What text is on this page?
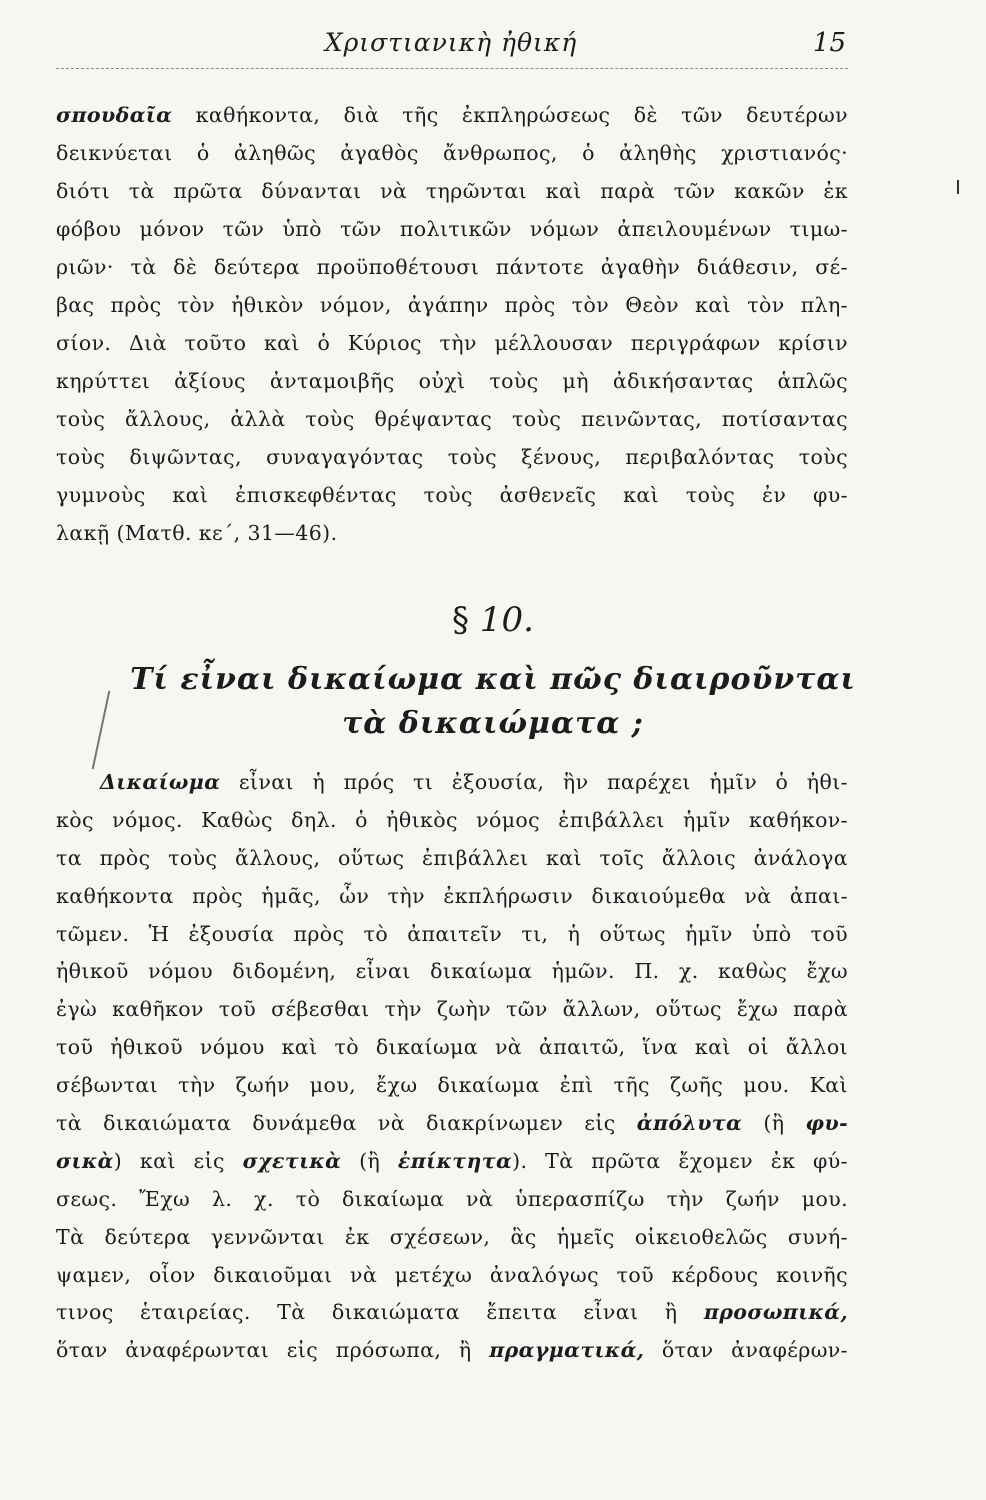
Χριστιανικὴ ἠθική	15
σπουδαῖα καθήκοντα, διὰ τῆς ἐκπληρώσεως δὲ τῶν δευτέρων
δεικνύεται ὁ ἀληθῶς ἀγαθὸς ἄνθρωπος, ὁ ἀληθὴς χριστιανός·
διότι τὰ πρῶτα δύνανται νὰ τηρῶνται καὶ παρὰ τῶν κακῶν ἐκ
φόβου μόνον τῶν ὑπὸ τῶν πολιτικῶν νόμων ἀπειλουμένων τιμω-
ριῶν· τὰ δὲ δεύτερα προϋποθέτουσι πάντοτε ἀγαθὴν διάθεσιν, σέ-
βας πρὸς τὸν ἠθικὸν νόμον, ἀγάπην πρὸς τὸν Θεὸν καὶ τὸν πλη-
σίον. Διὰ τοῦτο καὶ ὁ Κύριος τὴν μέλλουσαν περιγράφων κρίσιν
κηρύττει ἀξίους ἀνταμοιβῆς οὐχὶ τοὺς μὴ ἀδικήσαντας ἁπλῶς
τοὺς ἄλλους, ἀλλὰ τοὺς θρέψαντας τοὺς πεινῶντας, ποτίσαντας
τοὺς διψῶντας, συναγαγόντας τοὺς ξένους, περιβαλόντας τοὺς
γυμνοὺς καὶ ἐπισκεφθέντας τοὺς ἀσθενεῖς καὶ τοὺς ἐν φυ-
λακῇ (Ματθ. κε΄, 31—46).
§ 10.
Τί εἶναι δικαίωμα καὶ πῶς διαιροῦνται
τὰ δικαιώματα ;
Δικαίωμα εἶναι ἡ πρός τι ἐξουσία, ἣν παρέχει ἡμῖν ὁ ἠθι-
κὸς νόμος. Καθὼς δηλ. ὁ ἠθικὸς νόμος ἐπιβάλλει ἡμῖν καθήκον-
τα πρὸς τοὺς ἄλλους, οὕτως ἐπιβάλλει καὶ τοῖς ἄλλοις ἀνάλογα
καθήκοντα πρὸς ἡμᾶς, ὧν τὴν ἐκπλήρωσιν δικαιούμεθα νὰ ἀπαι-
τῶμεν. Ἡ ἐξουσία πρὸς τὸ ἀπαιτεῖν τι, ἡ οὕτως ἡμῖν ὑπὸ τοῦ
ἠθικοῦ νόμου διδομένη, εἶναι δικαίωμα ἡμῶν. Π. χ. καθὼς ἔχω
ἐγὼ καθῆκον τοῦ σέβεσθαι τὴν ζωὴν τῶν ἄλλων, οὕτως ἔχω παρὰ
τοῦ ἠθικοῦ νόμου καὶ τὸ δικαίωμα νὰ ἀπαιτῶ, ἵνα καὶ οἱ ἄλλοι
σέβωνται τὴν ζωήν μου, ἔχω δικαίωμα ἐπὶ τῆς ζωῆς μου. Καὶ
τὰ δικαιώματα δυνάμεθα νὰ διακρίνωμεν εἰς ἀπόλυτα (ἢ φυ-
σικὰ) καὶ εἰς σχετικὰ (ἢ ἐπίκτητα). Τὰ πρῶτα ἔχομεν ἐκ φύ-
σεως. Ἔχω λ. χ. τὸ δικαίωμα νὰ ὑπερασπίζω τὴν ζωήν μου.
Τὰ δεύτερα γεννῶνται ἐκ σχέσεων, ἃς ἡμεῖς οἰκειοθελῶς συνή-
ψαμεν, οἷον δικαιοῦμαι νὰ μετέχω ἀναλόγως τοῦ κέρδους κοινῆς
τινος ἑταιρείας. Τὰ δικαιώματα ἔπειτα εἶναι ἢ προσωπικά,
ὅταν ἀναφέρωνται εἰς πρόσωπα, ἢ πραγματικά, ὅταν ἀναφέρων-
